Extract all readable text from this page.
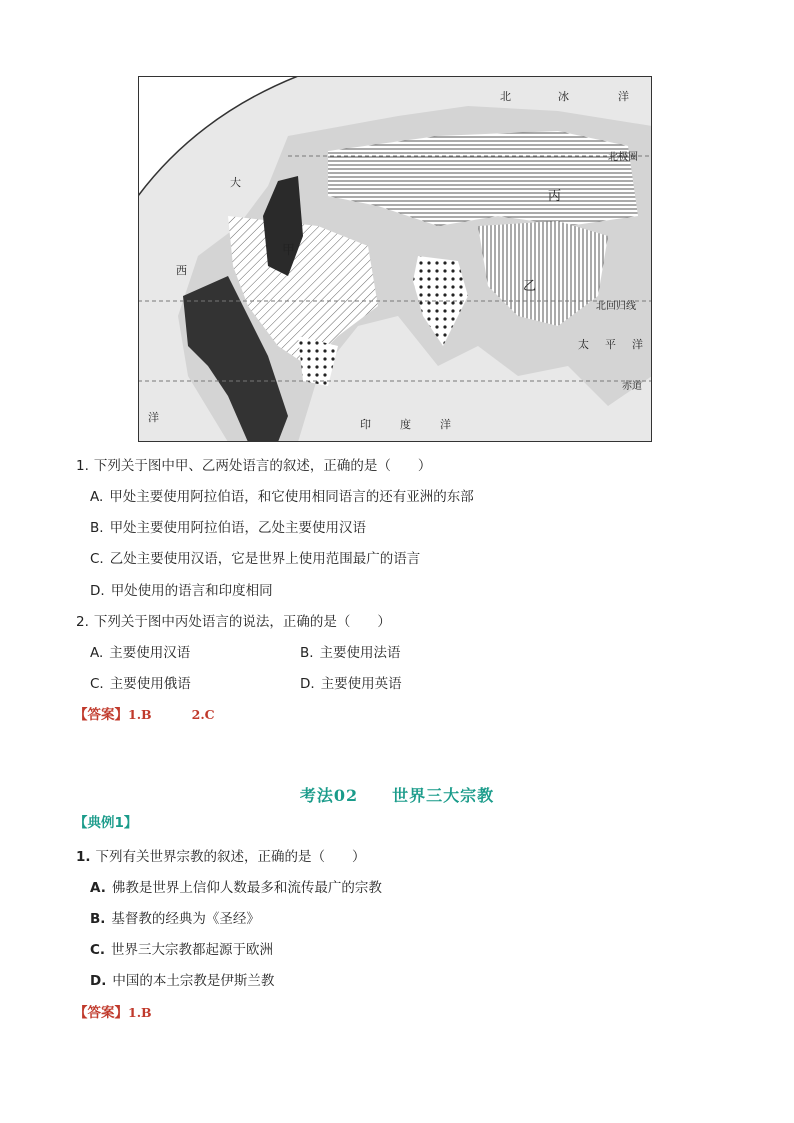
北	冰	洋
北极圈
北回归线
赤道
太 平 洋
大
西
洋
印	度	洋
甲
乙
丙
1. 下列关于图中甲、乙两处语言的叙述，正确的是（　　）
A. 甲处主要使用阿拉伯语，和它使用相同语言的还有亚洲的东部
B. 甲处主要使用阿拉伯语，乙处主要使用汉语
C. 乙处主要使用汉语，它是世界上使用范围最广的语言
D. 甲处使用的语言和印度相同
2. 下列关于图中丙处语言的说法，正确的是（　　）
A. 主要使用汉语	B. 主要使用法语
C. 主要使用俄语	D. 主要使用英语
【答案】1.B	2.C
考法02　　世界三大宗教
【典例1】
1. 下列有关世界宗教的叙述，正确的是（　　）
A. 佛教是世界上信仰人数最多和流传最广的宗教
B. 基督教的经典为《圣经》
C. 世界三大宗教都起源于欧洲
D. 中国的本土宗教是伊斯兰教
【答案】1.B
